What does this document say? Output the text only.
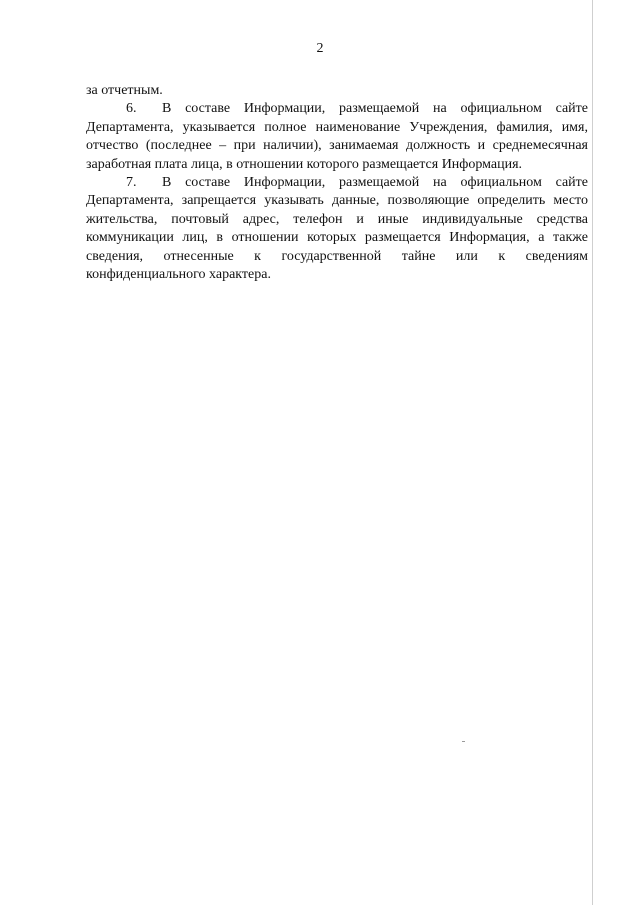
2

за отчетным.

6. В составе Информации, размещаемой на официальном сайте Департамента, указывается полное наименование Учреждения, фамилия, имя, отчество (последнее – при наличии), занимаемая должность и среднемесячная заработная плата лица, в отношении которого размещается Информация.

7. В составе Информации, размещаемой на официальном сайте Департамента, запрещается указывать данные, позволяющие определить место жительства, почтовый адрес, телефон и иные индивидуальные средства коммуникации лиц, в отношении которых размещается Информация, а также сведения, отнесенные к государственной тайне или к сведениям конфиденциального характера.
